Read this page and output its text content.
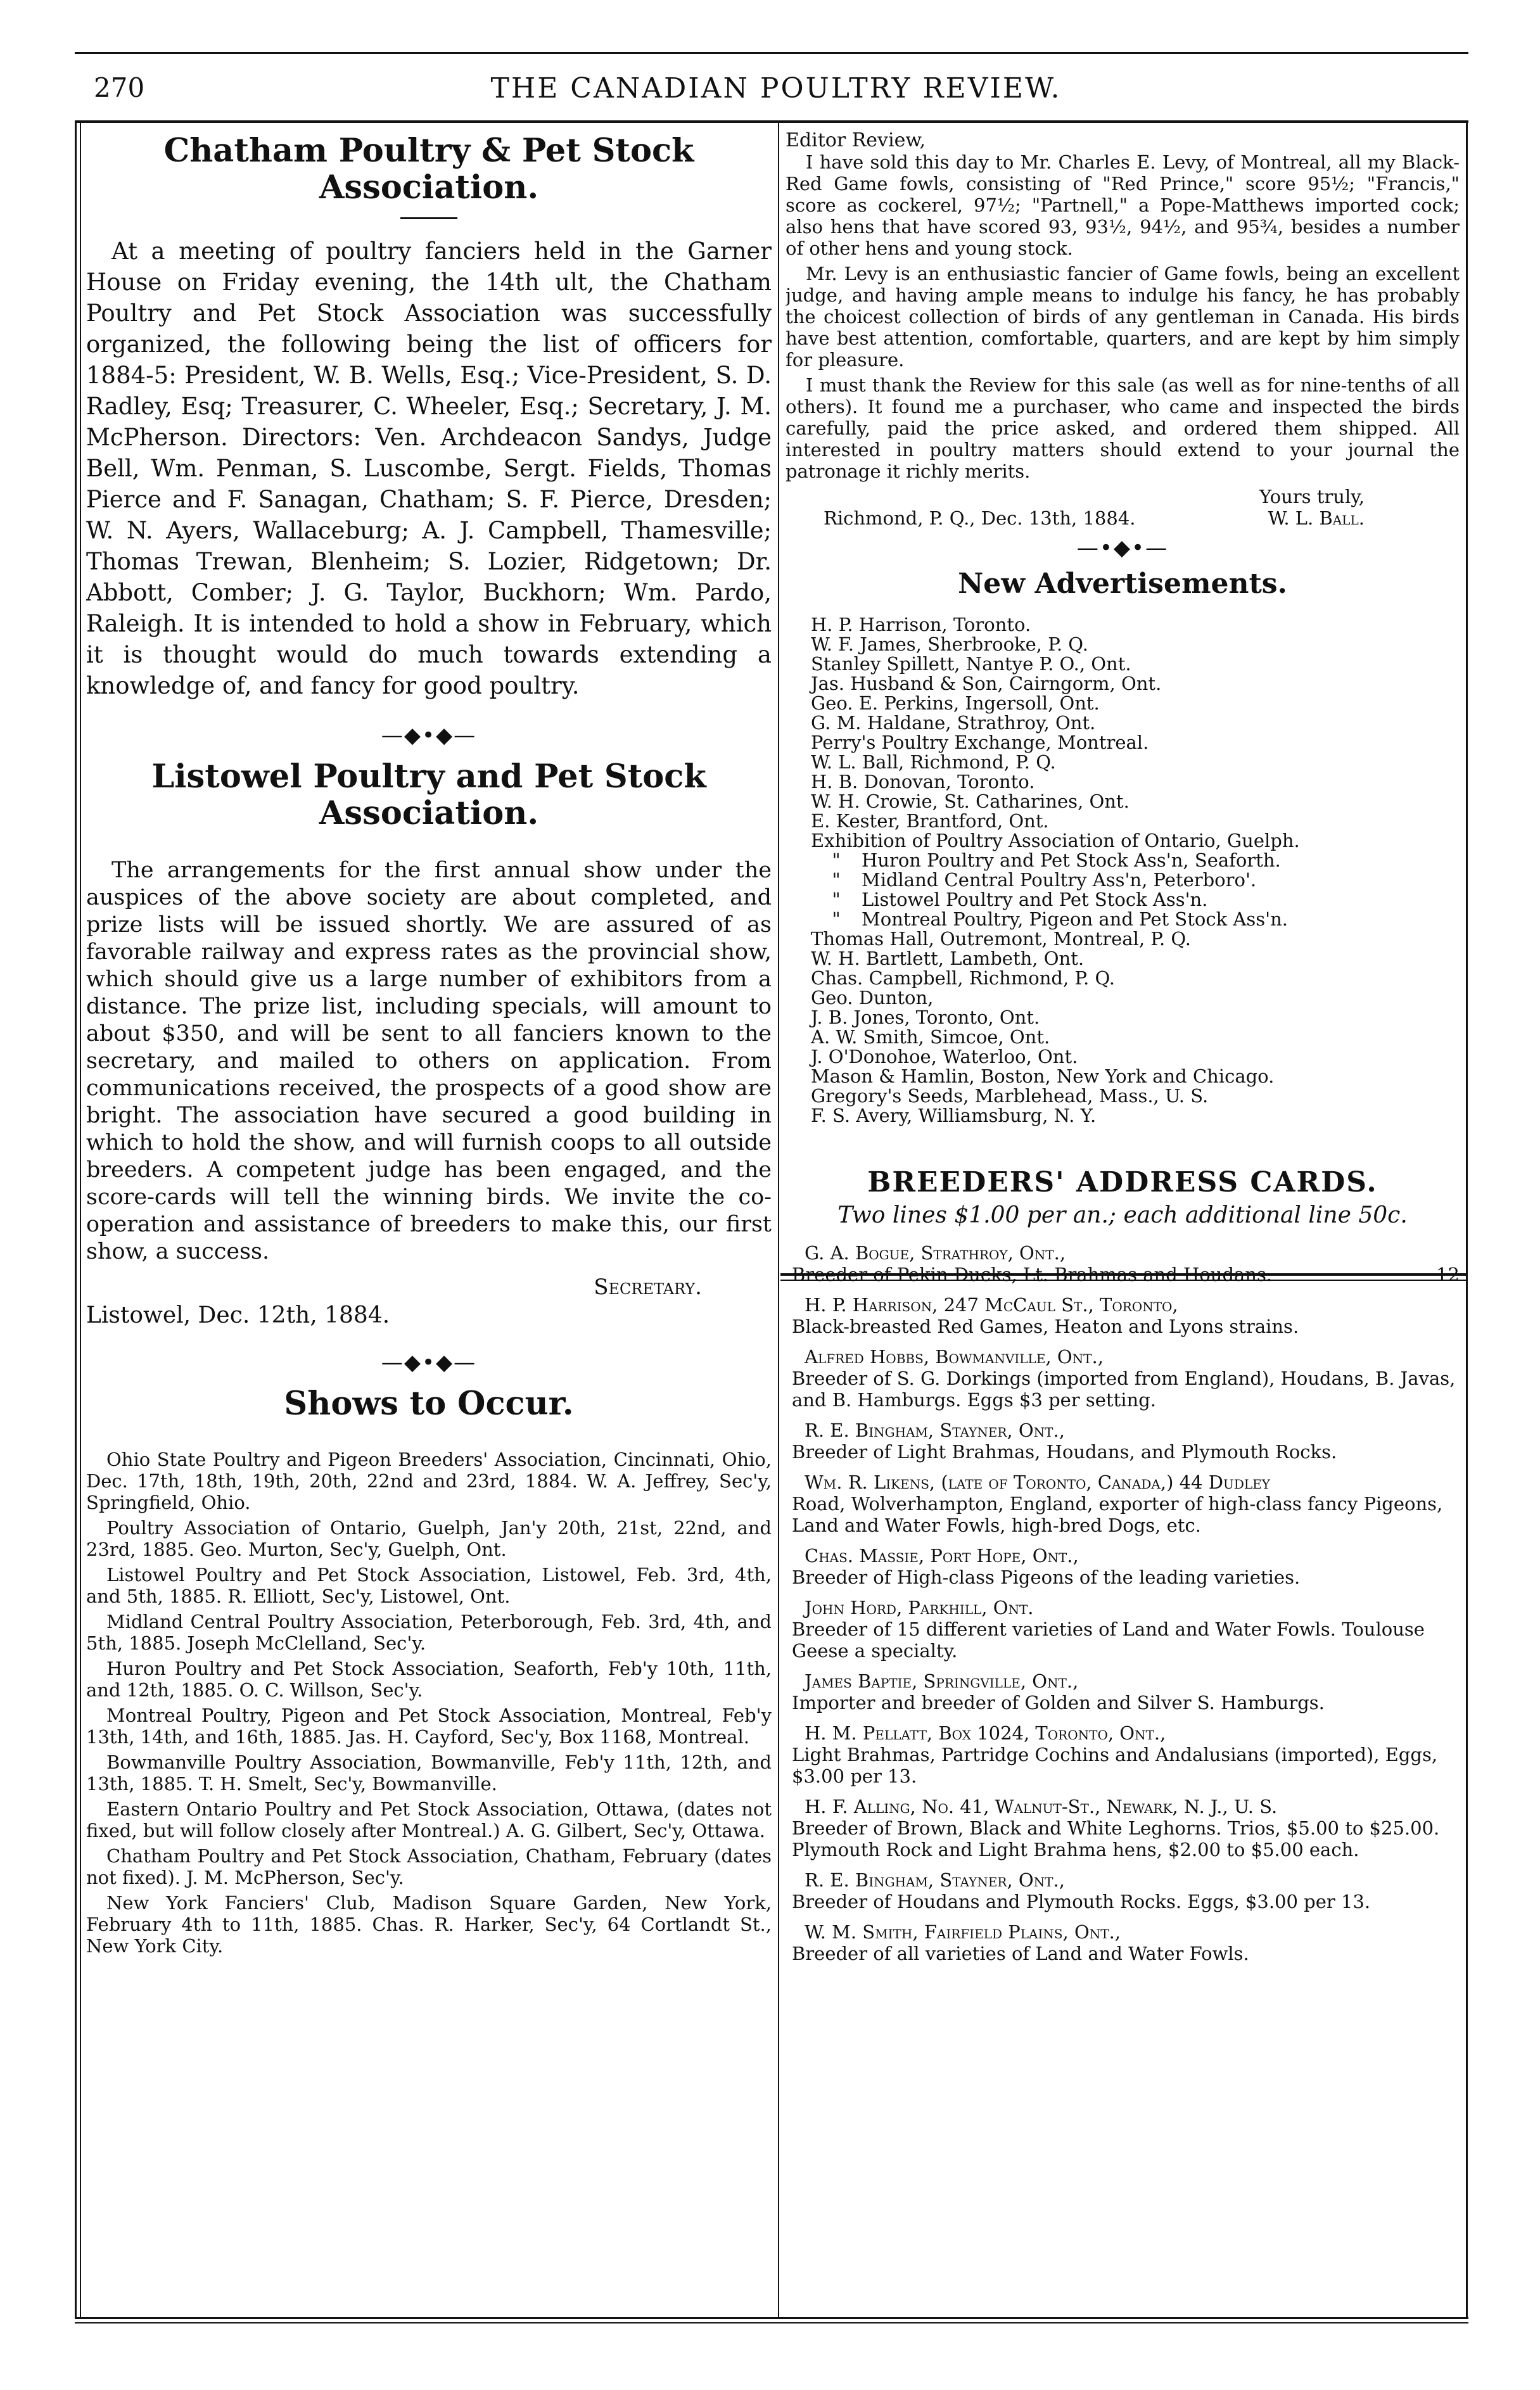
270	THE CANADIAN POULTRY REVIEW.
Chatham Poultry & Pet Stock Association.

At a meeting of poultry fanciers held in the Garner House on Friday evening, the 14th ult, the Chatham Poultry and Pet Stock Association was successfully organized, the following being the list of officers for 1884-5: President, W. B. Wells, Esq.; Vice-President, S. D. Radley, Esq; Treasurer, C. Wheeler, Esq.; Secretary, J. M. McPherson. Directors: Ven. Archdeacon Sandys, Judge Bell, Wm. Penman, S. Luscombe, Sergt. Fields, Thomas Pierce and F. Sanagan, Chatham; S. F. Pierce, Dresden; W. N. Ayers, Wallaceburg; A. J. Campbell, Thamesville; Thomas Trewan, Blenheim; S. Lozier, Ridgetown; Dr. Abbott, Comber; J. G. Taylor, Buckhorn; Wm. Pardo, Raleigh. It is intended to hold a show in February, which it is thought would do much towards extending a knowledge of, and fancy for good poultry.

—◆•◆—
Listowel Poultry and Pet Stock Association.

The arrangements for the first annual show under the auspices of the above society are about completed, and prize lists will be issued shortly. We are assured of as favorable railway and express rates as the provincial show, which should give us a large number of exhibitors from a distance. The prize list, including specials, will amount to about $350, and will be sent to all fanciers known to the secretary, and mailed to others on application. From communications received, the prospects of a good show are bright. The association have secured a good building in which to hold the show, and will furnish coops to all outside breeders. A competent judge has been engaged, and the score-cards will tell the winning birds. We invite the co-operation and assistance of breeders to make this, our first show, a success.

Secretary.
Listowel, Dec. 12th, 1884.
—◆•◆—
Shows to Occur.

Ohio State Poultry and Pigeon Breeders' Association, Cincinnati, Ohio, Dec. 17th, 18th, 19th, 20th, 22nd and 23rd, 1884. W. A. Jeffrey, Sec'y, Springfield, Ohio.

Poultry Association of Ontario, Guelph, Jan'y 20th, 21st, 22nd, and 23rd, 1885. Geo. Murton, Sec'y, Guelph, Ont.

Listowel Poultry and Pet Stock Association, Listowel, Feb. 3rd, 4th, and 5th, 1885. R. Elliott, Sec'y, Listowel, Ont.

Midland Central Poultry Association, Peterborough, Feb. 3rd, 4th, and 5th, 1885. Joseph McClelland, Sec'y.

Huron Poultry and Pet Stock Association, Seaforth, Feb'y 10th, 11th, and 12th, 1885. O. C. Willson, Sec'y.

Montreal Poultry, Pigeon and Pet Stock Association, Montreal, Feb'y 13th, 14th, and 16th, 1885. Jas. H. Cayford, Sec'y, Box 1168, Montreal.

Bowmanville Poultry Association, Bowmanville, Feb'y 11th, 12th, and 13th, 1885. T. H. Smelt, Sec'y, Bowmanville.

Eastern Ontario Poultry and Pet Stock Association, Ottawa, (dates not fixed, but will follow closely after Montreal.) A. G. Gilbert, Sec'y, Ottawa.

Chatham Poultry and Pet Stock Association, Chatham, February (dates not fixed). J. M. McPherson, Sec'y.

New York Fanciers' Club, Madison Square Garden, New York, February 4th to 11th, 1885. Chas. R. Harker, Sec'y, 64 Cortlandt St., New York City.

Editor Review,

I have sold this day to Mr. Charles E. Levy, of Montreal, all my Black-Red Game fowls, consisting of "Red Prince," score 95½; "Francis," score as cockerel, 97½; "Partnell," a Pope-Matthews imported cock; also hens that have scored 93, 93½, 94½, and 95¾, besides a number of other hens and young stock.

Mr. Levy is an enthusiastic fancier of Game fowls, being an excellent judge, and having ample means to indulge his fancy, he has probably the choicest collection of birds of any gentleman in Canada. His birds have best attention, comfortable, quarters, and are kept by him simply for pleasure.

I must thank the Review for this sale (as well as for nine-tenths of all others). It found me a purchaser, who came and inspected the birds carefully, paid the price asked, and ordered them shipped. All interested in poultry matters should extend to your journal the patronage it richly merits.

Yours truly,
Richmond, P. Q., Dec. 13th, 1884.	W. L. Ball.
—•◆•—
New Advertisements.
H. P. Harrison, Toronto.
W. F. James, Sherbrooke, P. Q.
Stanley Spillett, Nantye P. O., Ont.
Jas. Husband & Son, Cairngorm, Ont.
Geo. E. Perkins, Ingersoll, Ont.
G. M. Haldane, Strathroy, Ont.
Perry's Poultry Exchange, Montreal.
W. L. Ball, Richmond, P. Q.
H. B. Donovan, Toronto.
W. H. Crowie, St. Catharines, Ont.
E. Kester, Brantford, Ont.
Exhibition of Poultry Association of Ontario, Guelph.
" Huron Poultry and Pet Stock Ass'n, Seaforth.
" Midland Central Poultry Ass'n, Peterboro'.
" Listowel Poultry and Pet Stock Ass'n.
" Montreal Poultry, Pigeon and Pet Stock Ass'n.
Thomas Hall, Outremont, Montreal, P. Q.
W. H. Bartlett, Lambeth, Ont.
Chas. Campbell, Richmond, P. Q.
Geo. Dunton,
J. B. Jones, Toronto, Ont.
A. W. Smith, Simcoe, Ont.
J. O'Donohoe, Waterloo, Ont.
Mason & Hamlin, Boston, New York and Chicago.
Gregory's Seeds, Marblehead, Mass., U. S.
F. S. Avery, Williamsburg, N. Y.
BREEDERS' ADDRESS CARDS.
Two lines $1.00 per an.; each additional line 50c.
G. A. Bogue, Strathroy, Ont.,
Breeder of Pekin Ducks, Lt. Brahmas and Houdans.	12
H. P. Harrison, 247 McCaul St., Toronto,
Black-breasted Red Games, Heaton and Lyons strains.
Alfred Hobbs, Bowmanville, Ont.,
Breeder of S. G. Dorkings (imported from England), Houdans, B. Javas, and B. Hamburgs. Eggs $3 per setting.
R. E. Bingham, Stayner, Ont.,
Breeder of Light Brahmas, Houdans, and Plymouth Rocks.
Wm. R. Likens, (late of Toronto, Canada,) 44 Dudley
Road, Wolverhampton, England, exporter of high-class fancy Pigeons, Land and Water Fowls, high-bred Dogs, etc.
Chas. Massie, Port Hope, Ont.,
Breeder of High-class Pigeons of the leading varieties.
John Hord, Parkhill, Ont.
Breeder of 15 different varieties of Land and Water Fowls. Toulouse Geese a specialty.
James Baptie, Springville, Ont.,
Importer and breeder of Golden and Silver S. Hamburgs.
H. M. Pellatt, Box 1024, Toronto, Ont.,
Light Brahmas, Partridge Cochins and Andalusians (imported), Eggs, $3.00 per 13.
H. F. Alling, No. 41, Walnut-St., Newark, N. J., U. S.
Breeder of Brown, Black and White Leghorns. Trios, $5.00 to $25.00. Plymouth Rock and Light Brahma hens, $2.00 to $5.00 each.
R. E. Bingham, Stayner, Ont.,
Breeder of Houdans and Plymouth Rocks. Eggs, $3.00 per 13.
W. M. Smith, Fairfield Plains, Ont.,
Breeder of all varieties of Land and Water Fowls.
